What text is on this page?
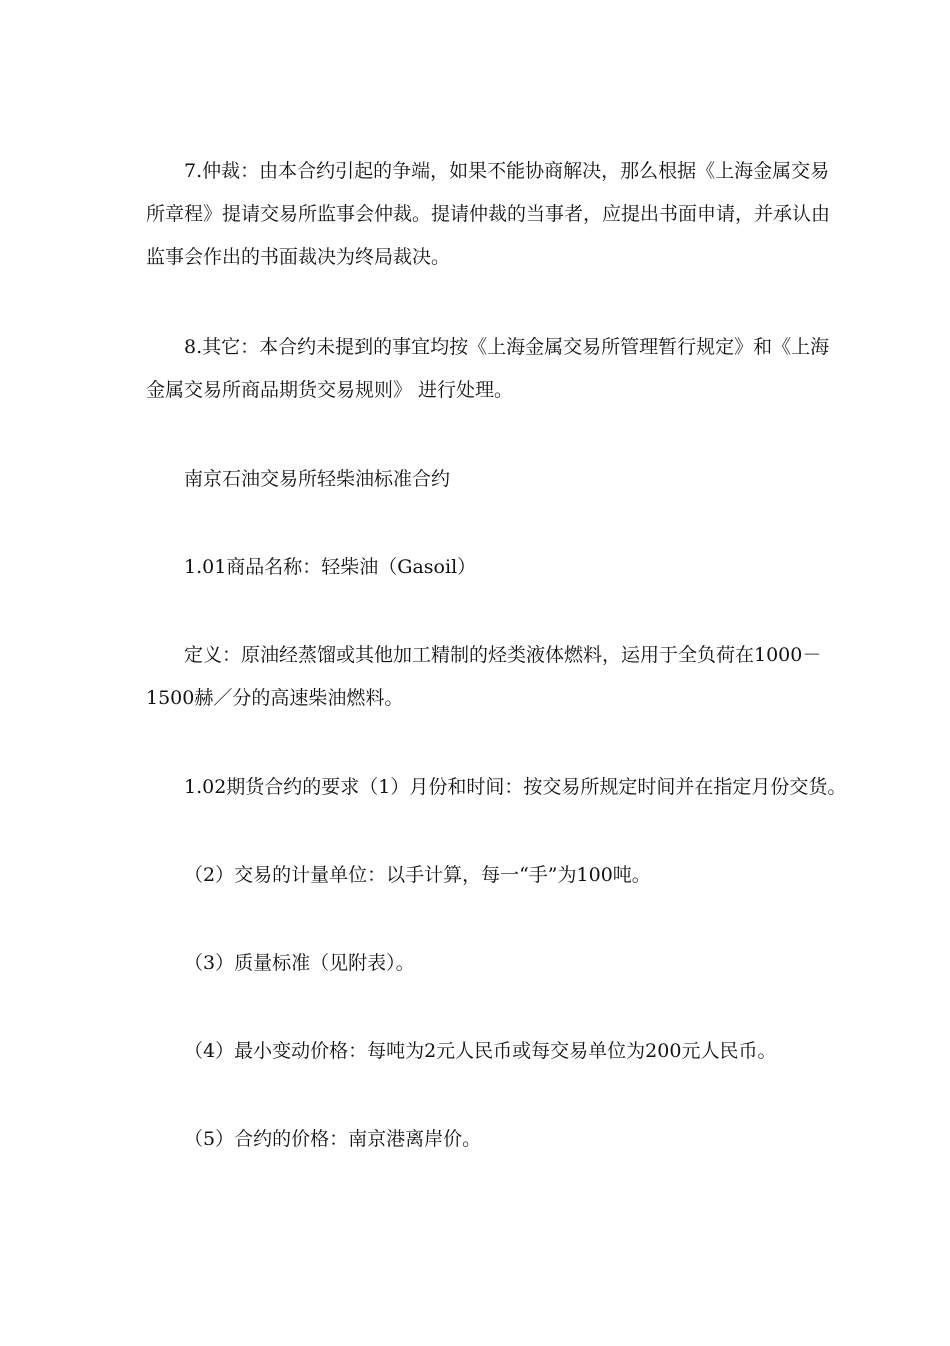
7.仲裁：由本合约引起的争端，如果不能协商解决，那么根据《上海金属交易
所章程》提请交易所监事会仲裁。提请仲裁的当事者，应提出书面申请，并承认由
监事会作出的书面裁决为终局裁决。
8.其它：本合约未提到的事宜均按《上海金属交易所管理暂行规定》和《上海
金属交易所商品期货交易规则》 进行处理。
南京石油交易所轻柴油标准合约
1.01商品名称：轻柴油（Gasoil）
定义：原油经蒸馏或其他加工精制的烃类液体燃料，运用于全负荷在1000－
1500赫／分的高速柴油燃料。
1.02期货合约的要求（1）月份和时间：按交易所规定时间并在指定月份交货。
（2）交易的计量单位：以手计算，每一“手”为100吨。
（3）质量标准（见附表）。
（4）最小变动价格：每吨为2元人民币或每交易单位为200元人民币。
（5）合约的价格：南京港离岸价。
